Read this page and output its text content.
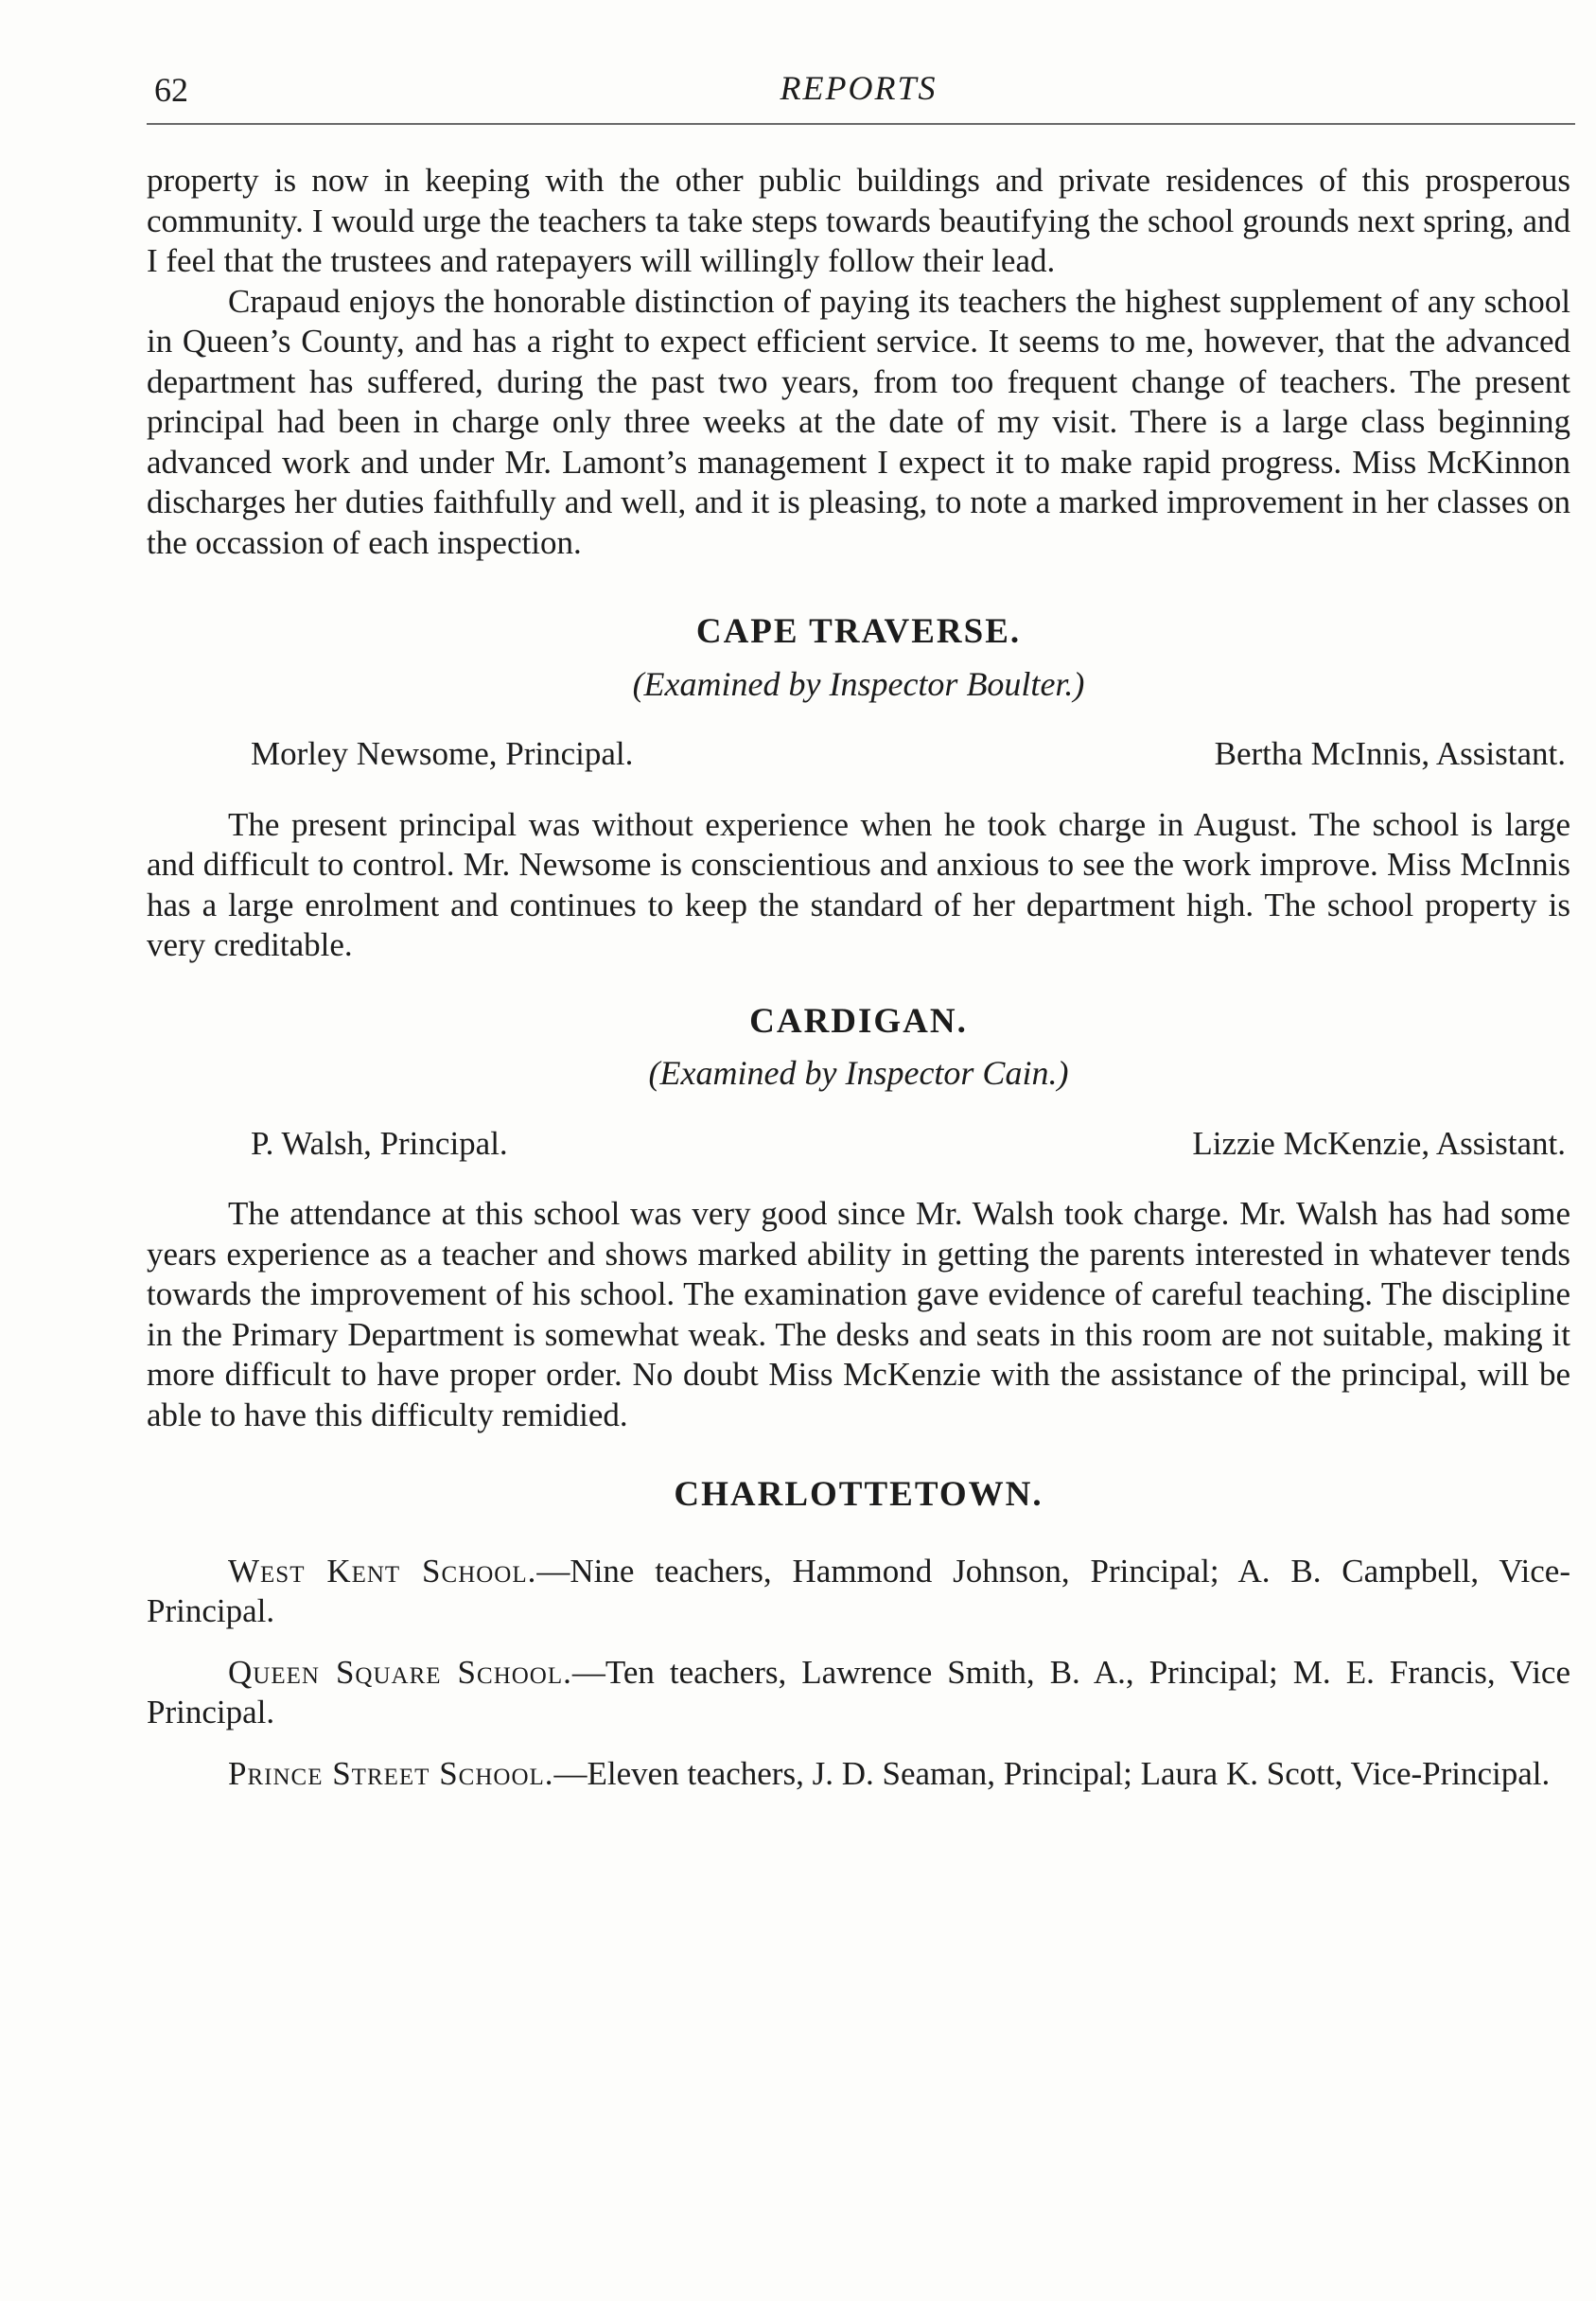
62	REPORTS

property is now in keeping with the other public buildings and private residences of this prosperous community. I would urge the teachers ta take steps towards beautifying the school grounds next spring, and I feel that the trustees and ratepayers will willingly follow their lead.

Crapaud enjoys the honorable distinction of paying its teachers the highest supplement of any school in Queen’s County, and has a right to expect efficient service. It seems to me, however, that the advanced department has suffered, during the past two years, from too frequent change of teachers. The present principal had been in charge only three weeks at the date of my visit. There is a large class beginning advanced work and under Mr. Lamont’s management I expect it to make rapid progress. Miss McKinnon discharges her duties faithfully and well, and it is pleasing, to note a marked improvement in her classes on the occassion of each inspection.

CAPE TRAVERSE.
(Examined by Inspector Boulter.)
Morley Newsome, Principal.	Bertha McInnis, Assistant.

The present principal was without experience when he took charge in August. The school is large and difficult to control. Mr. Newsome is conscientious and anxious to see the work improve. Miss McInnis has a large enrolment and continues to keep the standard of her department high. The school property is very creditable.

CARDIGAN.
(Examined by Inspector Cain.)
P. Walsh, Principal.	Lizzie McKenzie, Assistant.

The attendance at this school was very good since Mr. Walsh took charge. Mr. Walsh has had some years experience as a teacher and shows marked ability in getting the parents interested in whatever tends towards the improvement of his school. The examination gave evidence of careful teaching. The discipline in the Primary Department is somewhat weak. The desks and seats in this room are not suitable, making it more difficult to have proper order. No doubt Miss McKenzie with the assistance of the principal, will be able to have this difficulty remidied.

CHARLOTTETOWN.

West Kent School.—Nine teachers, Hammond Johnson, Principal; A. B. Campbell, Vice-Principal.

Queen Square School.—Ten teachers, Lawrence Smith, B. A., Principal; M. E. Francis, Vice Principal.

Prince Street School.—Eleven teachers, J. D. Seaman, Principal; Laura K. Scott, Vice-Principal.
